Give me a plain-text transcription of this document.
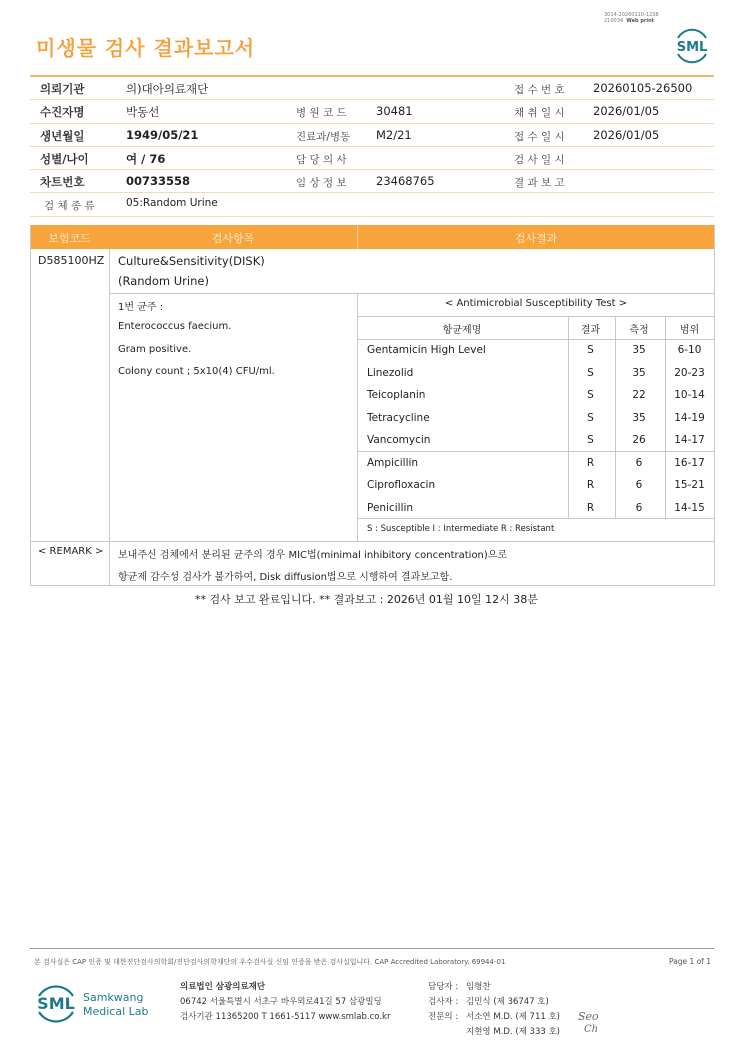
미생물 검사 결과보고서
3014-20260110-1238
210034 Web print
SML
의뢰기관	의)대아의료재단	접 수 번 호 20260105-26500
수진자명	박동선	병 원 코 드	30481	채 취 일 시 2026/01/05
생년월일	1949/05/21	진료과/병동 M2/21	접 수 일 시 2026/01/05
성별/나이	여 / 76	담 당 의 사	검 사 일 시
차트번호	00733558	임 상 정 보	23468765	결 과 보 고
검 체 종 류	05:Random Urine
보험코드	검사항목	검사결과
D585100HZ Culture&Sensitivity(DISK)
(Random Urine)
1번 균주 :
Enterococcus faecium.
Gram positive.
Colony count ; 5x10(4) CFU/ml.
< Antimicrobial Susceptibility Test >
항균제명	결과	측정	범위
Gentamicin High Level	S	35	6-10
Linezolid	S	35	20-23
Teicoplanin	S	22	10-14
Tetracycline	S	35	14-19
Vancomycin	S	26	14-17
Ampicillin	R	6	16-17
Ciprofloxacin	R	6	15-21
Penicillin	R	6	14-15
S : Susceptible I : Intermediate R : Resistant
< REMARK > 보내주신 검체에서 분리된 균주의 경우 MIC법(minimal inhibitory concentration)으로
항균제 감수성 검사가 불가하여, Disk diffusion법으로 시행하여 결과보고함.
** 검사 보고 완료입니다. ** 결과보고 : 2026년 01월 10일 12시 38분
본 검사실은 CAP 인증 및 대한진단검사의학회/진단검사의학재단의 우수검사실 신임 인증을 받은 검사실입니다. CAP Accredited Laboratory. 69944-01	Page 1 of 1
SML Samkwang
Medical Lab
의료법인 삼광의료재단
06742 서울특별시 서초구 바우뫼로41길 57 삼광빌딩
검사기관 11365200 T 1661-5117 www.smlab.co.kr
담당자 : 임형찬
검사자 : 김민식 (제 36747 호)
전문의 : 서소연 M.D. (제 711 호)
지현영 M.D. (제 333 호)
Seo
Ch
